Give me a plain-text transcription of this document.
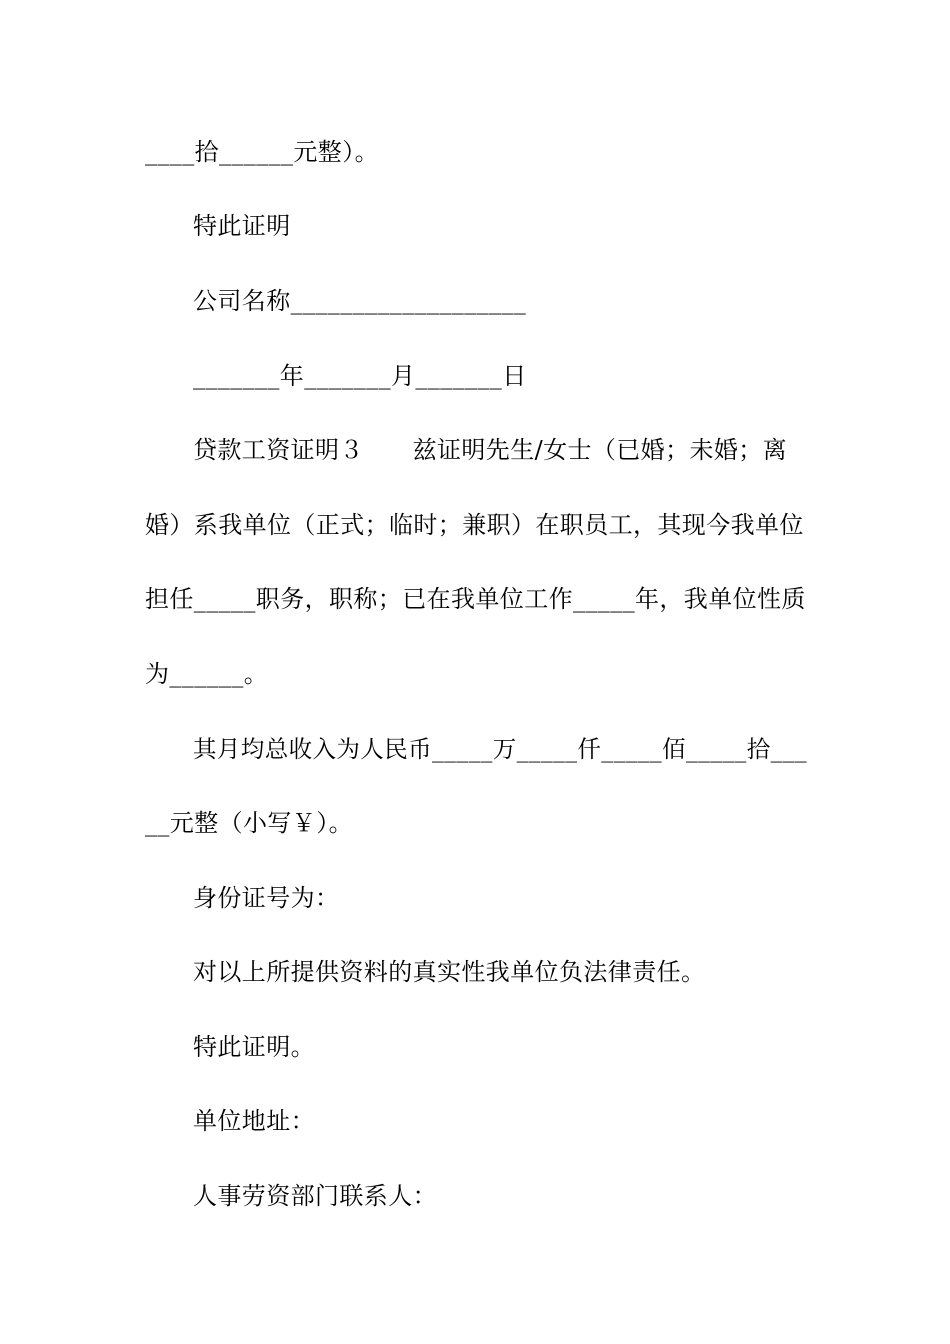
____拾______元整）。
特此证明
公司名称___________________
_______年_______月_______日
贷款工资证明３　　兹证明先生/女士（已婚；未婚；离
婚）系我单位（正式；临时；兼职）在职员工，其现今我单位
担任_____职务，职称；已在我单位工作_____年，我单位性质
为______。
其月均总收入为人民币_____万_____仟_____佰_____拾___
__元整（小写￥）。
身份证号为：
对以上所提供资料的真实性我单位负法律责任。
特此证明。
单位地址：
人事劳资部门联系人：
